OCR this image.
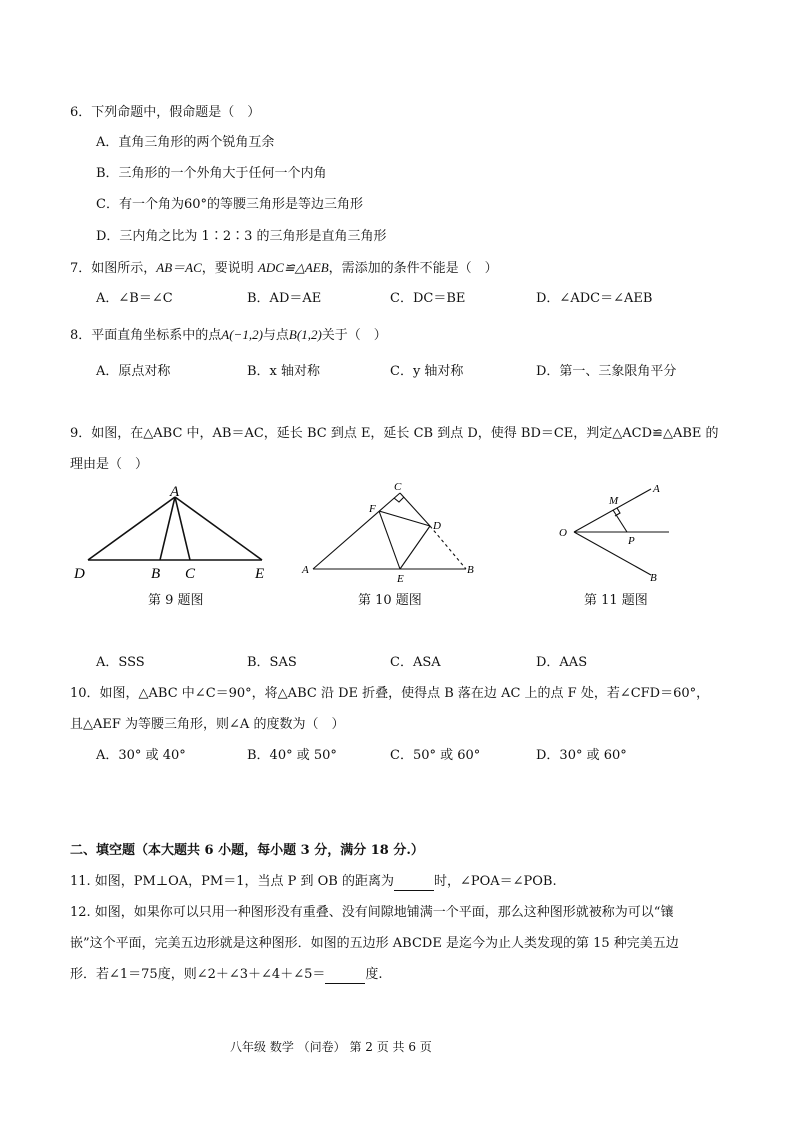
6．下列命题中，假命题是（　）
A．直角三角形的两个锐角互余
B．三角形的一个外角大于任何一个内角
C．有一个角为60°的等腰三角形是等边三角形
D．三内角之比为 1∶2∶3 的三角形是直角三角形
7．如图所示，AB＝AC，要说明 ADC≌△AEB，需添加的条件不能是（　）
A．∠B＝∠C	B．AD＝AE	C．DC＝BE	D．∠ADC＝∠AEB
8．平面直角坐标系中的点A(−1,2)与点B(1,2)关于（　）
A．原点对称	B．x 轴对称	C．y 轴对称	D．第一、三象限角平分
9．如图，在△ABC 中，AB＝AC，延长 BC 到点 E，延长 CB 到点 D，使得 BD＝CE，判定△ACD≌△ABE 的
理由是（　）
A
D	B C	E
第 9 题图
C
F
D
A
E
B
第 10 题图
M
A
O
P
B
第 11 题图
A．SSS	B．SAS	C．ASA	D．AAS
10．如图，△ABC 中∠C＝90°，将△ABC 沿 DE 折叠，使得点 B 落在边 AC 上的点 F 处，若∠CFD＝60°，
且△AEF 为等腰三角形，则∠A 的度数为（　）
A．30° 或 40°	B．40° 或 50°	C．50° 或 60°	D．30° 或 60°
二、填空题（本大题共 6 小题，每小题 3 分，满分 18 分.）
11. 如图，PM⊥OA，PM＝1，当点 P 到 OB 的距离为	时，∠POA＝∠POB.
12. 如图，如果你可以只用一种图形没有重叠、没有间隙地铺满一个平面，那么这种图形就被称为可以“镶
嵌”这个平面，完美五边形就是这种图形．如图的五边形 ABCDE 是迄今为止人类发现的第 15 种完美五边
形．若∠1＝75度，则∠2＋∠3＋∠4＋∠5＝	度.
八年级 数学 （问卷） 第 2 页 共 6 页
